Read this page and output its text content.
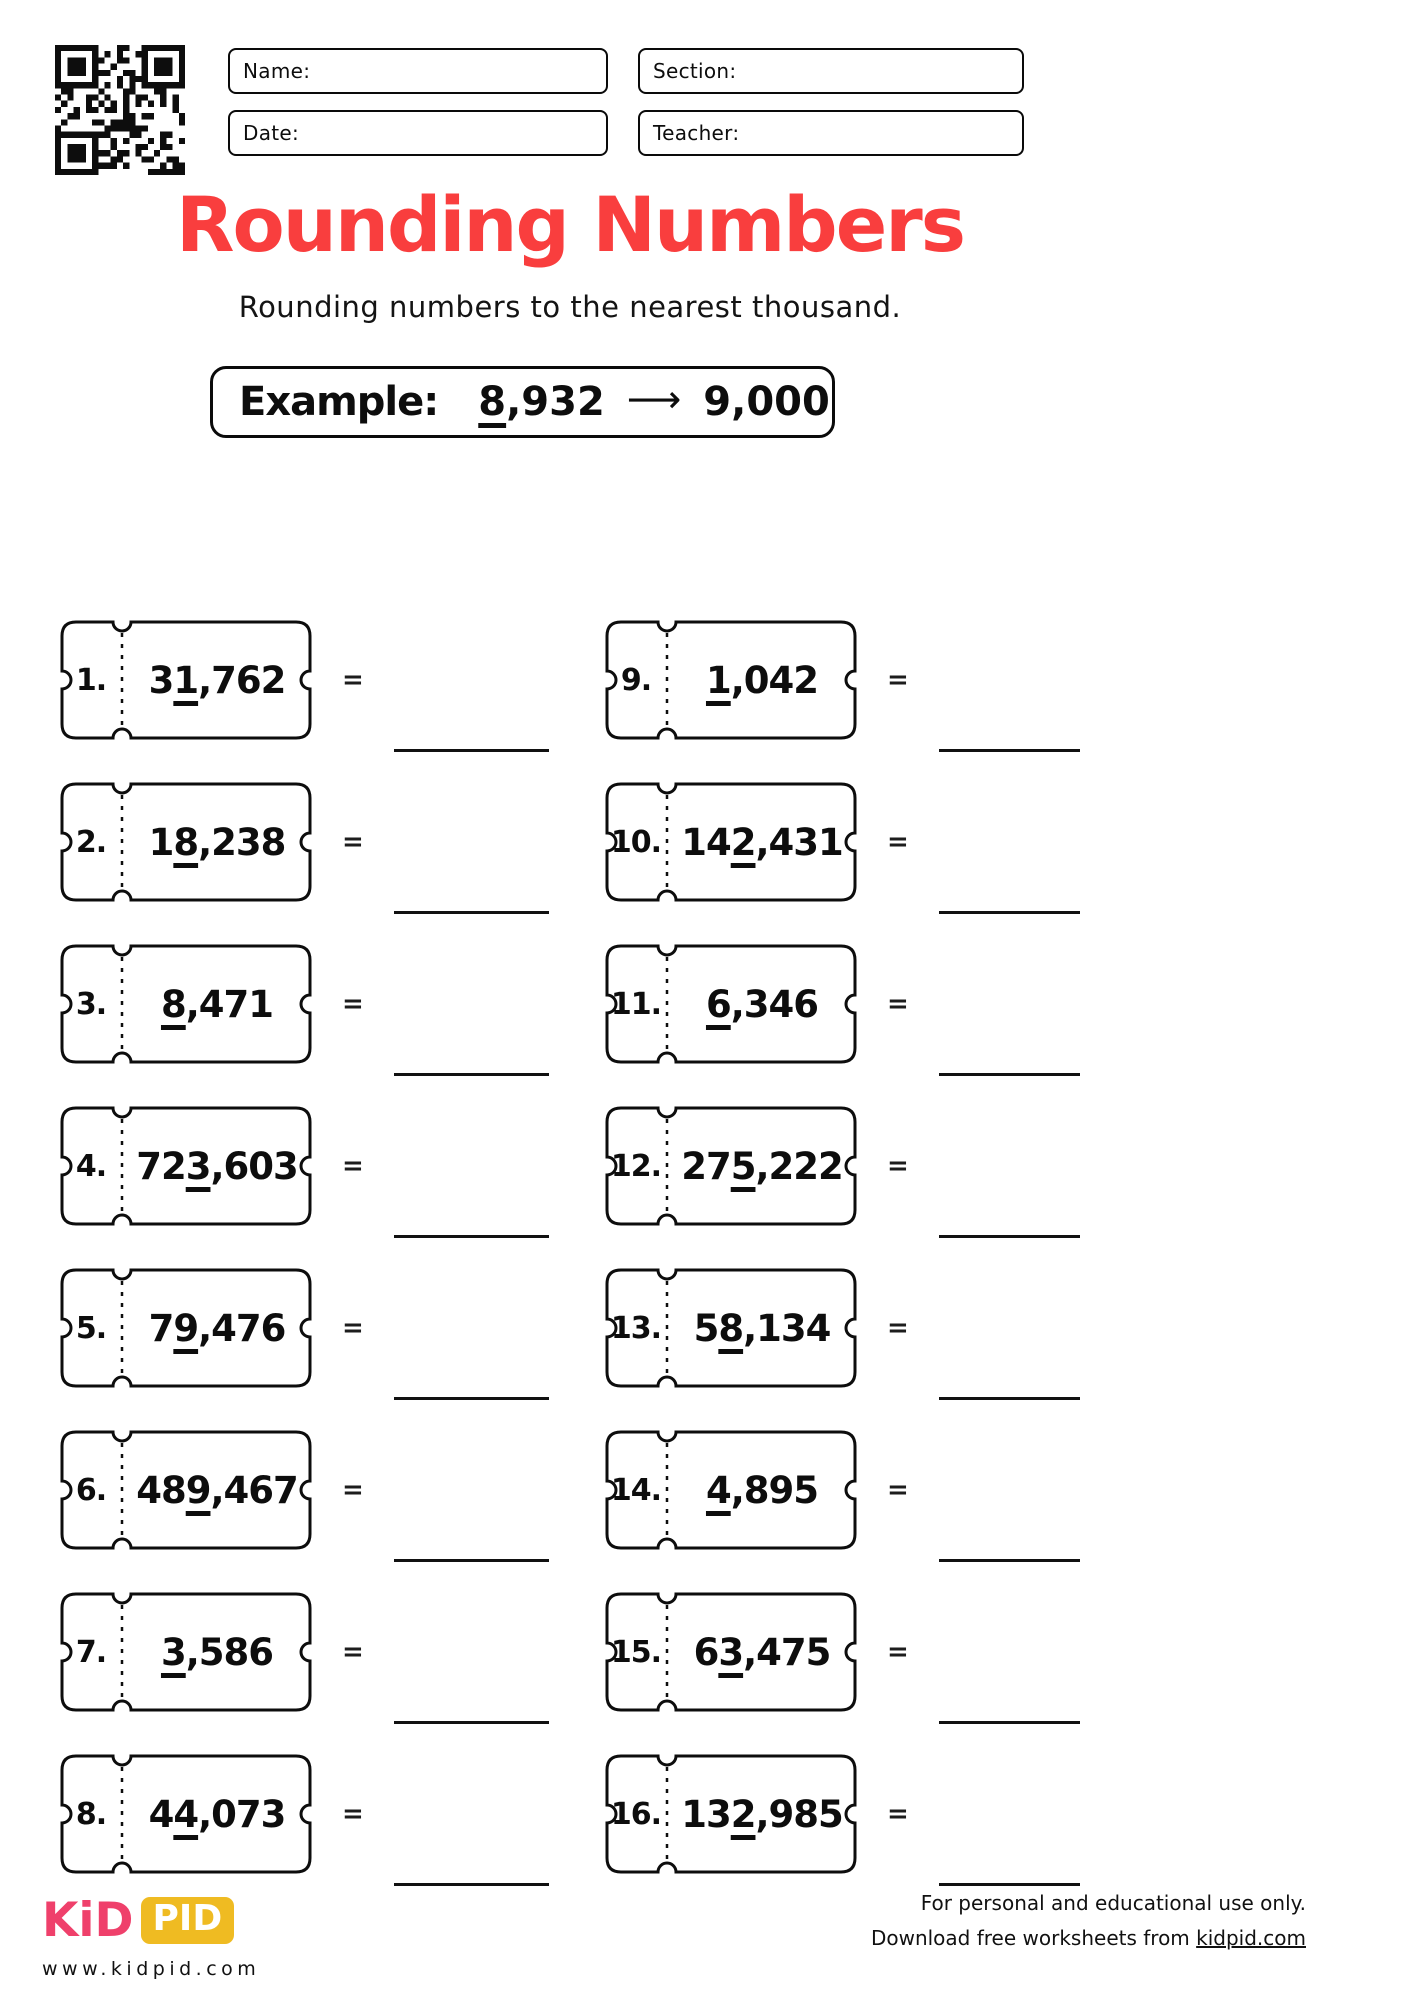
Name:	Section:
Date:	Teacher:
Rounding Numbers
Rounding numbers to the nearest thousand.
Example: 8,932 ⟶ 9,000
1.	3 1 ,762 =	9.	1 ,042	=
2.	1 8 ,238 =	10. 14 2 ,431 =
3.	8 ,471	=	11. 6 ,346	=
4. 72 3 ,603 =	12. 27 5 ,222 =
5.	7 9 ,476 =	13. 5 8 ,134 =
6. 48 9 ,467 =	14. 4 ,895	=
7.	3 ,586	=	15. 6 3 ,475 =
8.	4 4 ,073 =	16. 13 2 ,985 =
KiD PID
www.kidpid.com
For personal and educational use only.
Download free worksheets from kidpid.com
